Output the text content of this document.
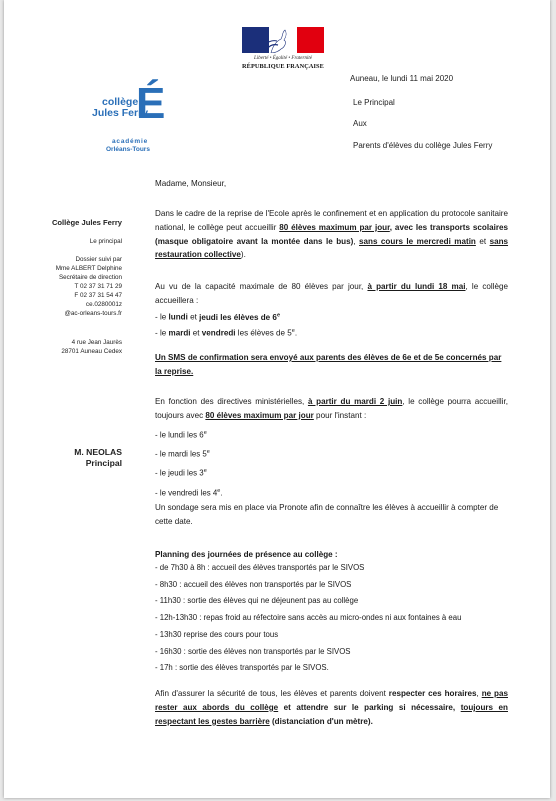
Liberté • Égalité • Fraternité
RÉPUBLIQUE FRANÇAISE
Auneau, le lundi 11 mai 2020
Le Principal
Aux
Parents d'élèves du collège Jules Ferry
collège
Jules Ferry
É
académie
Orléans-Tours
Collège Jules Ferry
Le principal
Dossier suivi par
Mme ALBERT Delphine
Secrétaire de direction
T 02 37 31 71 29
F 02 37 31 54 47
ce.0280001z
@ac-orleans-tours.fr
4 rue Jean Jaurès
28701 Auneau Cedex
M. NEOLAS
Principal
Madame, Monsieur,
Dans le cadre de la reprise de l'Ecole après le confinement et en application du protocole sanitaire national, le collège peut accueillir 80 élèves maximum par jour, avec les transports scolaires (masque obligatoire avant la montée dans le bus), sans cours le mercredi matin et sans restauration collective).
Au vu de la capacité maximale de 80 élèves par jour, à partir du lundi 18 mai, le collège accueillera :
- le lundi et jeudi les élèves de 6e
- le mardi et vendredi les élèves de 5e.
Un SMS de confirmation sera envoyé aux parents des élèves de 6e et de 5e concernés par la reprise.
En fonction des directives ministérielles, à partir du mardi 2 juin, le collège pourra accueillir, toujours avec 80 élèves maximum par jour pour l'instant :
- le lundi les 6e
- le mardi les 5e
- le jeudi les 3e
- le vendredi les 4e.
Un sondage sera mis en place via Pronote afin de connaître les élèves à accueillir à compter de cette date.
Planning des journées de présence au collège :
- de 7h30 à 8h : accueil des élèves transportés par le SIVOS
- 8h30 : accueil des élèves non transportés par le SIVOS
- 11h30 : sortie des élèves qui ne déjeunent pas au collège
- 12h-13h30 : repas froid au réfectoire sans accès au micro-ondes ni aux fontaines à eau
- 13h30 reprise des cours pour tous
- 16h30 : sortie des élèves non transportés par le SIVOS
- 17h : sortie des élèves transportés par le SIVOS.
Afin d'assurer la sécurité de tous, les élèves et parents doivent respecter ces horaires, ne pas rester aux abords du collège et attendre sur le parking si nécessaire, toujours en respectant les gestes barrière (distanciation d'un mètre).
